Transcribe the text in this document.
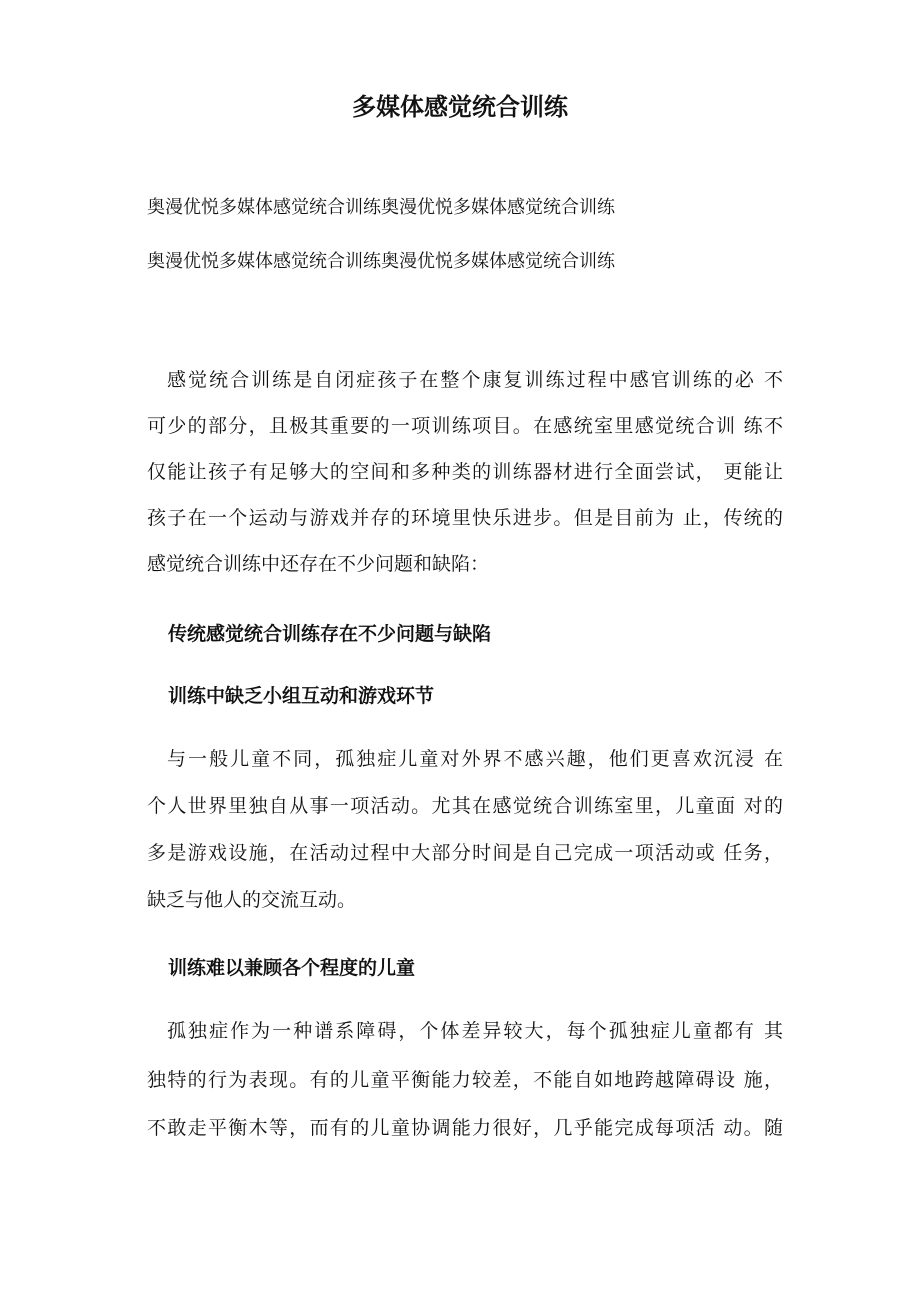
多媒体感觉统合训练
奥漫优悦多媒体感觉统合训练奥漫优悦多媒体感觉统合训练
奥漫优悦多媒体感觉统合训练奥漫优悦多媒体感觉统合训练
感觉统合训练是自闭症孩子在整个康复训练过程中感官训练的必 不
可少的部分，且极其重要的一项训练项目。在感统室里感觉统合训 练不
仅能让孩子有足够大的空间和多种类的训练器材进行全面尝试， 更能让
孩子在一个运动与游戏并存的环境里快乐进步。但是目前为 止，传统的
感觉统合训练中还存在不少问题和缺陷：
传统感觉统合训练存在不少问题与缺陷
训练中缺乏小组互动和游戏环节
与一般儿童不同，孤独症儿童对外界不感兴趣，他们更喜欢沉浸 在
个人世界里独自从事一项活动。尤其在感觉统合训练室里，儿童面 对的
多是游戏设施，在活动过程中大部分时间是自己完成一项活动或 任务，
缺乏与他人的交流互动。
训练难以兼顾各个程度的儿童
孤独症作为一种谱系障碍，个体差异较大，每个孤独症儿童都有 其
独特的行为表现。有的儿童平衡能力较差，不能自如地跨越障碍设 施，
不敢走平衡木等，而有的儿童协调能力很好，几乎能完成每项活 动。随
